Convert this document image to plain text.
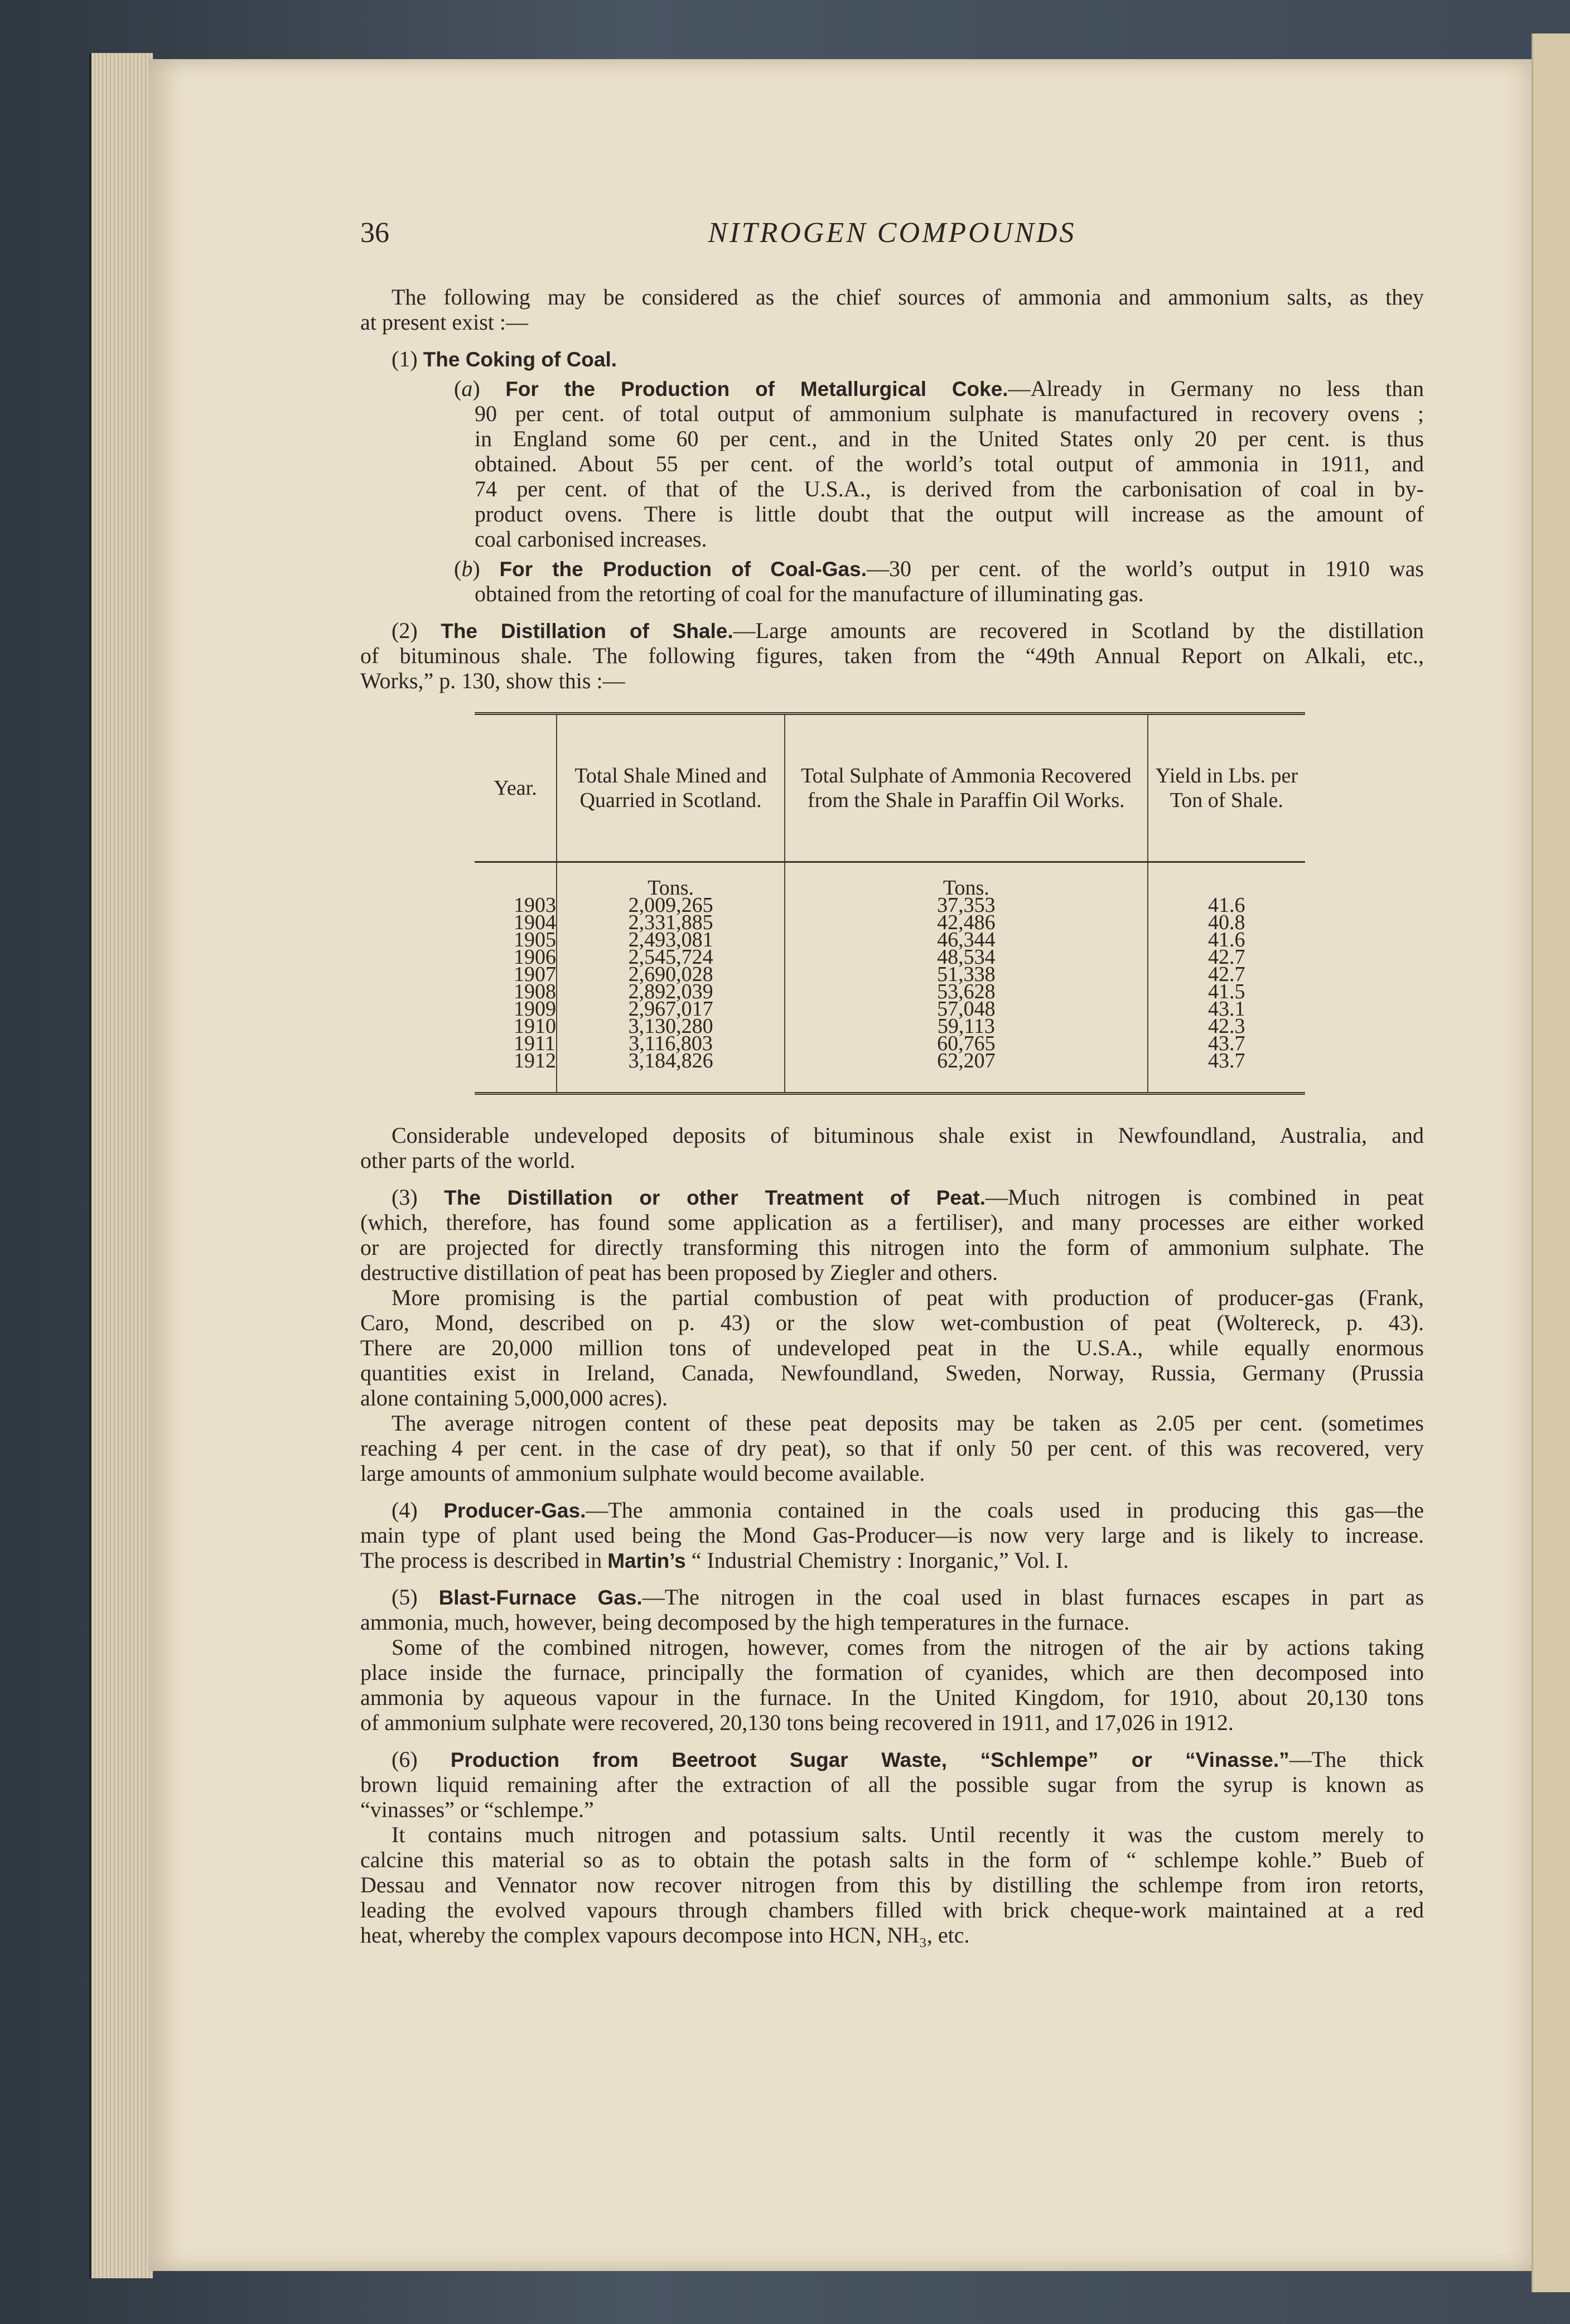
36	NITROGEN COMPOUNDS
The following may be considered as the chief sources of ammonia and ammonium salts, as they
at present exist :—
(1) The Coking of Coal.
(a) For the Production of Metallurgical Coke.—Already in Germany no less than
90 per cent. of total output of ammonium sulphate is manufactured in recovery ovens ;
in England some 60 per cent., and in the United States only 20 per cent. is thus
obtained. About 55 per cent. of the world’s total output of ammonia in 1911, and
74 per cent. of that of the U.S.A., is derived from the carbonisation of coal in by-
product ovens. There is little doubt that the output will increase as the amount of
coal carbonised increases.
(b) For the Production of Coal-Gas.—30 per cent. of the world’s output in 1910 was
obtained from the retorting of coal for the manufacture of illuminating gas.
(2) The Distillation of Shale.—Large amounts are recovered in Scotland by the distillation
of bituminous shale. The following figures, taken from the “49th Annual Report on Alkali, etc.,
Works,” p. 130, show this :—
Year.	Total Shale Mined and Quarried in Scotland.	Total Sulphate of Ammonia Recovered from the Shale in Paraffin Oil Works.	Yield in Lbs. per Ton of Shale.
	Tons.	Tons.	
1903	2,009,265	37,353	41.6
1904	2,331,885	42,486	40.8
1905	2,493,081	46,344	41.6
1906	2,545,724	48,534	42.7
1907	2,690,028	51,338	42.7
1908	2,892,039	53,628	41.5
1909	2,967,017	57,048	43.1
1910	3,130,280	59,113	42.3
1911	3,116,803	60,765	43.7
1912	3,184,826	62,207	43.7
Considerable undeveloped deposits of bituminous shale exist in Newfoundland, Australia, and
other parts of the world.
(3) The Distillation or other Treatment of Peat.—Much nitrogen is combined in peat
(which, therefore, has found some application as a fertiliser), and many processes are either worked
or are projected for directly transforming this nitrogen into the form of ammonium sulphate. The
destructive distillation of peat has been proposed by Ziegler and others.
More promising is the partial combustion of peat with production of producer-gas (Frank,
Caro, Mond, described on p. 43) or the slow wet-combustion of peat (Woltereck, p. 43).
There are 20,000 million tons of undeveloped peat in the U.S.A., while equally enormous
quantities exist in Ireland, Canada, Newfoundland, Sweden, Norway, Russia, Germany (Prussia
alone containing 5,000,000 acres).
The average nitrogen content of these peat deposits may be taken as 2.05 per cent. (sometimes
reaching 4 per cent. in the case of dry peat), so that if only 50 per cent. of this was recovered, very
large amounts of ammonium sulphate would become available.
(4) Producer-Gas.—The ammonia contained in the coals used in producing this gas—the
main type of plant used being the Mond Gas-Producer—is now very large and is likely to increase.
The process is described in Martin’s “ Industrial Chemistry : Inorganic,” Vol. I.
(5) Blast-Furnace Gas.—The nitrogen in the coal used in blast furnaces escapes in part as
ammonia, much, however, being decomposed by the high temperatures in the furnace.
Some of the combined nitrogen, however, comes from the nitrogen of the air by actions taking
place inside the furnace, principally the formation of cyanides, which are then decomposed into
ammonia by aqueous vapour in the furnace. In the United Kingdom, for 1910, about 20,130 tons
of ammonium sulphate were recovered, 20,130 tons being recovered in 1911, and 17,026 in 1912.
(6) Production from Beetroot Sugar Waste, “Schlempe” or “Vinasse.”—The thick
brown liquid remaining after the extraction of all the possible sugar from the syrup is known as
“vinasses” or “schlempe.”
It contains much nitrogen and potassium salts. Until recently it was the custom merely to
calcine this material so as to obtain the potash salts in the form of “ schlempe kohle.” Bueb of
Dessau and Vennator now recover nitrogen from this by distilling the schlempe from iron retorts,
leading the evolved vapours through chambers filled with brick cheque-work maintained at a red
heat, whereby the complex vapours decompose into HCN, NH₃, etc.
